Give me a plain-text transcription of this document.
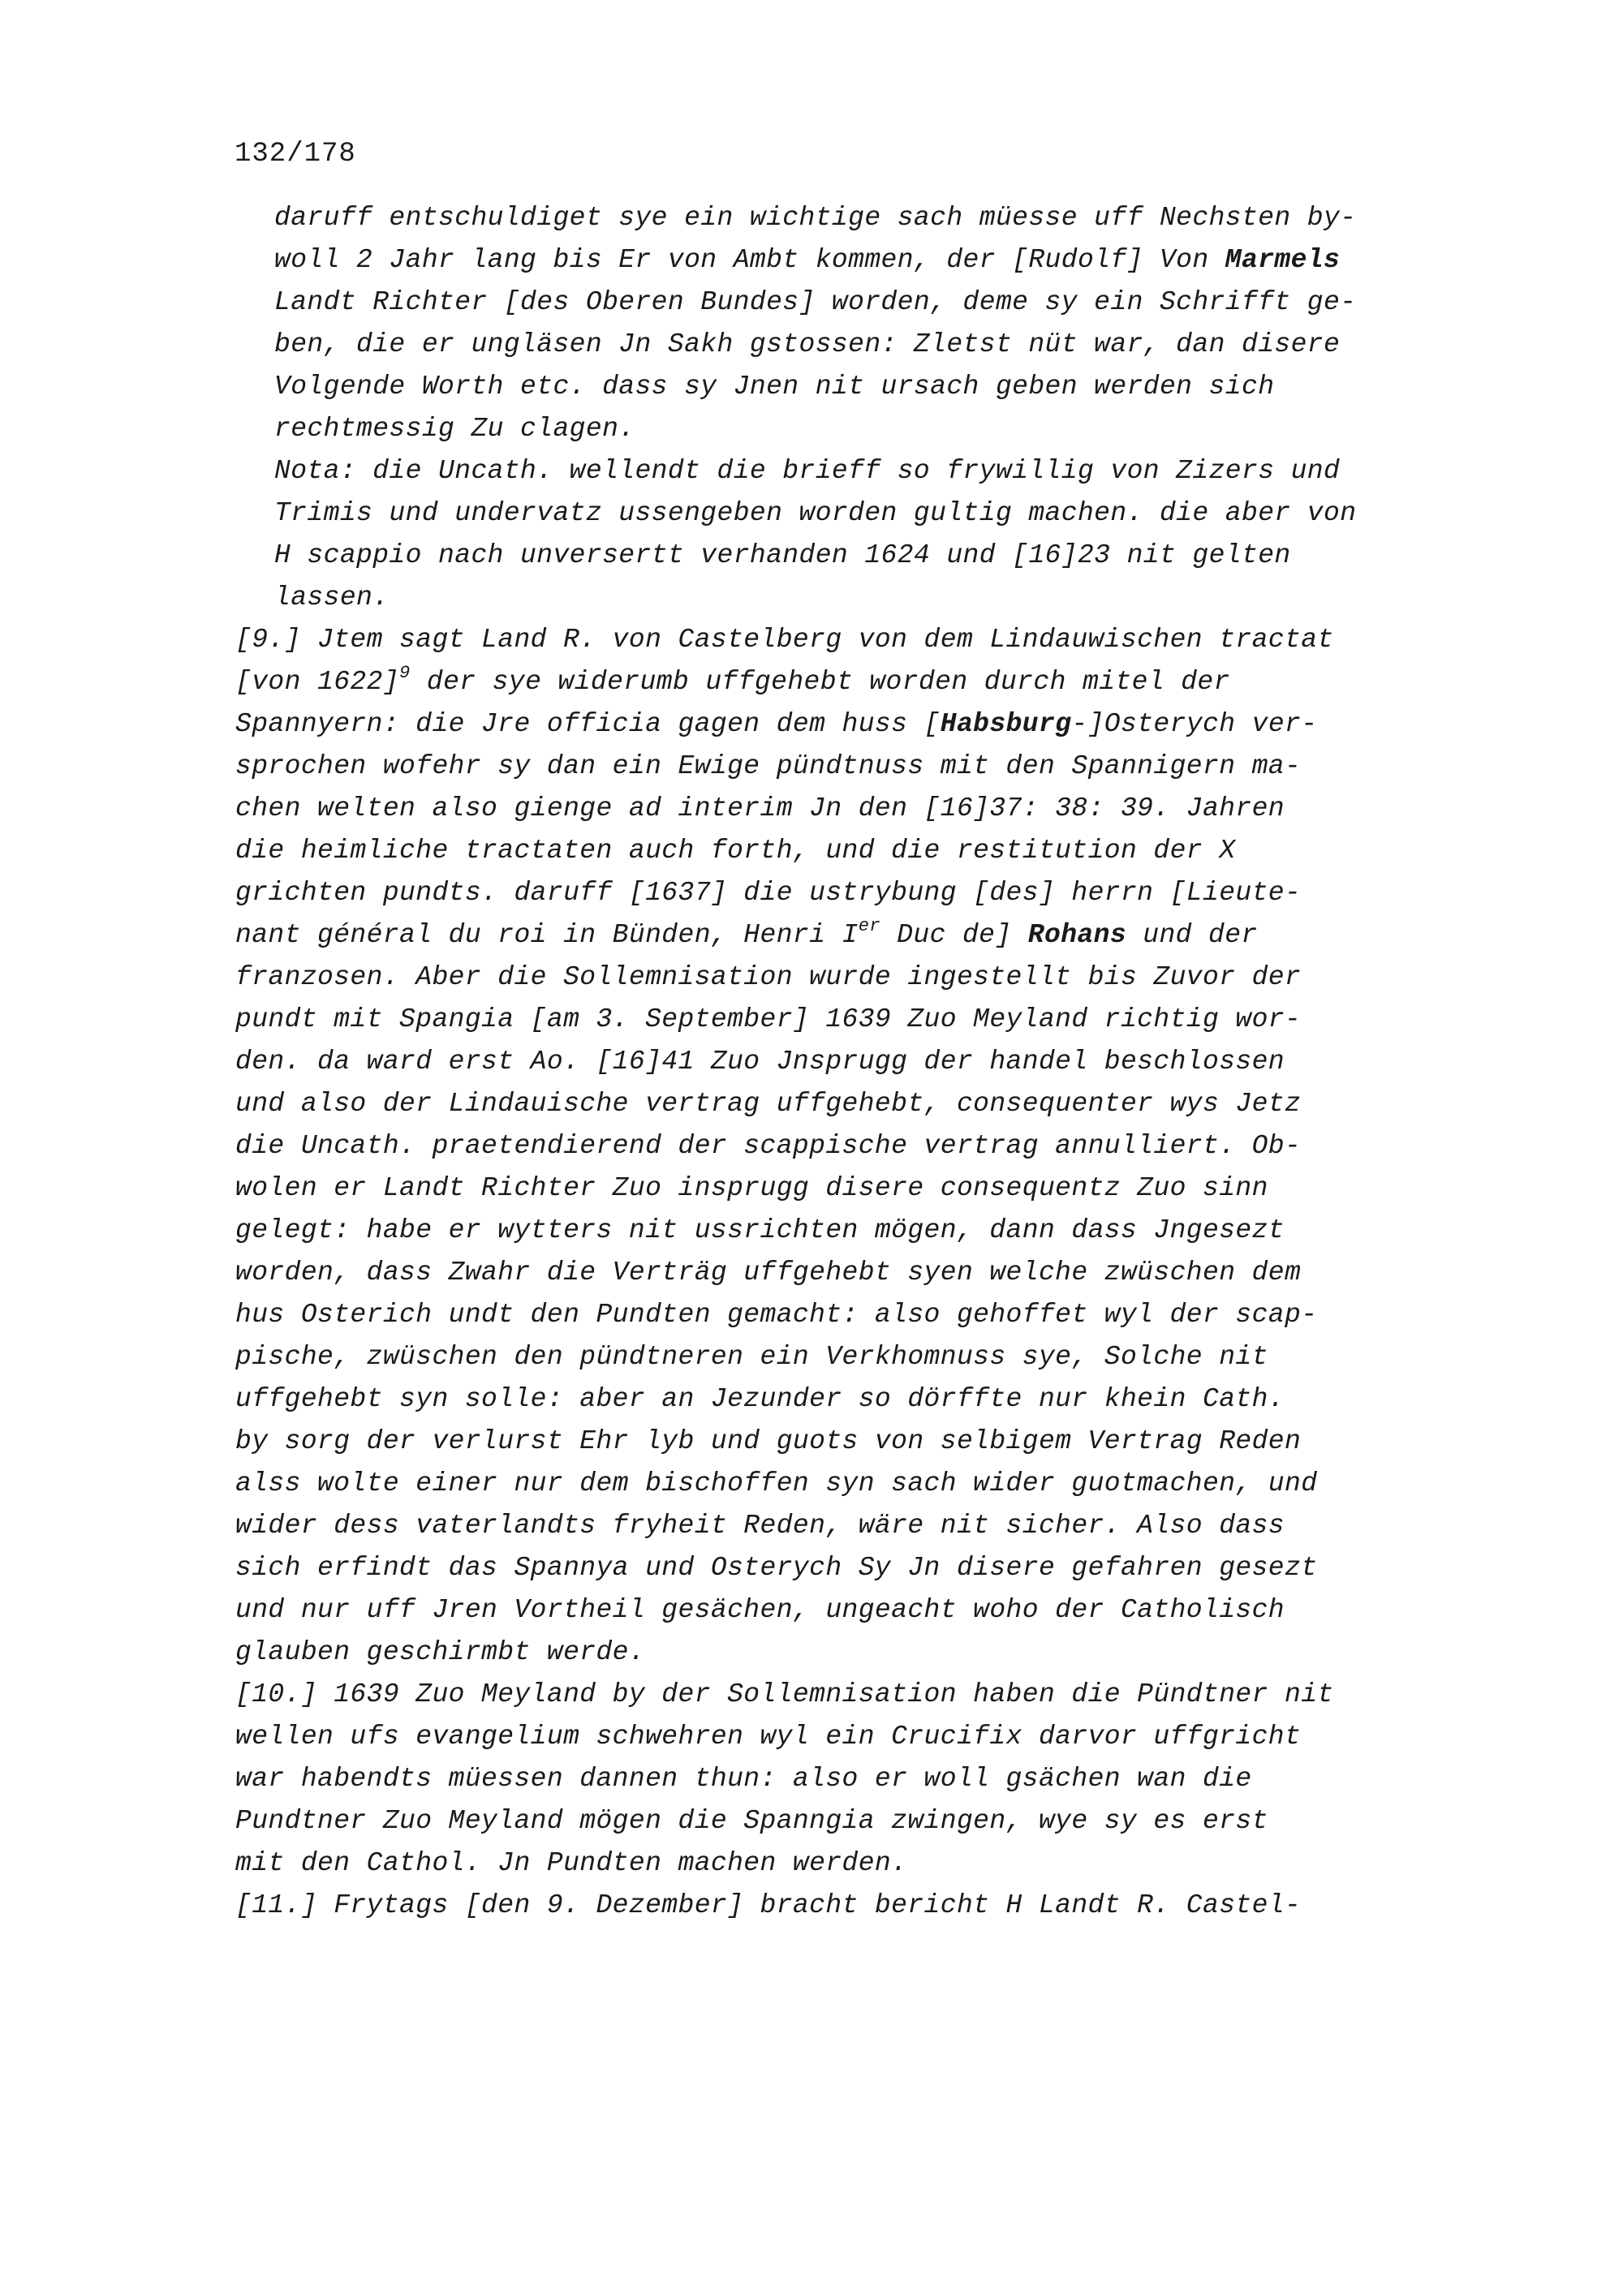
132/178

daruff entschuldiget sye ein wichtige sach müesse uff Nechsten by-
woll 2 Jahr lang bis Er von Ambt kommen, der [Rudolf] Von Marmels
Landt Richter [des Oberen Bundes] worden, deme sy ein Schrifft ge-
ben, die er ungläsen Jn Sakh gstossen: Zletst nüt war, dan disere
Volgende Worth etc. dass sy Jnen nit ursach geben werden sich
rechtmessig Zu clagen.

Nota: die Uncath. wellendt die brieff so frywillig von Zizers und
Trimis und undervatz ussengeben worden gultig machen. die aber von
H scappio nach unversertt verhanden 1624 und [16]23 nit gelten
lassen.

[9.] Jtem sagt Land R. von Castelberg von dem Lindauwischen tractat
[von 1622]$^9$ der sye widerumb uffgehebt worden durch mitel der
Spannyern: die Jre officia gagen dem huss [Habsburg-]Osterych ver-
sprochen wofehr sy dan ein Ewige pündtnuss mit den Spannigern ma-
chen welten also gienge ad interim Jn den [16]37: 38: 39. Jahren
die heimliche tractaten auch forth, und die restitution der X
grichten pundts. daruff [1637] die ustrybung [des] herrn [Lieute-
nant général du roi in Bünden, Henri Ier Duc de] Rohans und der
franzosen. Aber die Sollemnisation wurde ingestellt bis Zuvor der
pundt mit Spangia [am 3. September] 1639 Zuo Meyland richtig wor-
den. da ward erst Ao. [16]41 Zuo Jnsprugg der handel beschlossen
und also der Lindauische vertrag uffgehebt, consequenter wys Jetz
die Uncath. praetendierend der scappische vertrag annulliert. Ob-
wolen er Landt Richter Zuo insprugg disere consequentz Zuo sinn
gelegt: habe er wytters nit ussrichten mögen, dann dass Jngesezt
worden, dass Zwahr die Verträg uffgehebt syen welche zwüschen dem
hus Osterich undt den Pundten gemacht: also gehoffet wyl der scap-
pische, zwüschen den pündtneren ein Verkhomnuss sye, Solche nit
uffgehebt syn solle: aber an Jezunder so dörffte nur khein Cath.
by sorg der verlurst Ehr lyb und guots von selbigem Vertrag Reden
alss wolte einer nur dem bischoffen syn sach wider guotmachen, und
wider dess vaterlandts fryheit Reden, wäre nit sicher. Also dass
sich erfindt das Spannya und Osterych Sy Jn disere gefahren gesezt
und nur uff Jren Vortheil gesächen, ungeacht woho der Catholisch
glauben geschirmbt werde.

[10.] 1639 Zuo Meyland by der Sollemnisation haben die Pündtner nit
wellen ufs evangelium schwehren wyl ein Crucifix darvor uffgricht
war habendts müessen dannen thun: also er woll gsächen wan die
Pundtner Zuo Meyland mögen die Spanngia zwingen, wye sy es erst
mit den Cathol. Jn Pundten machen werden.

[11.] Frytags [den 9. Dezember] bracht bericht H Landt R. Castel-
